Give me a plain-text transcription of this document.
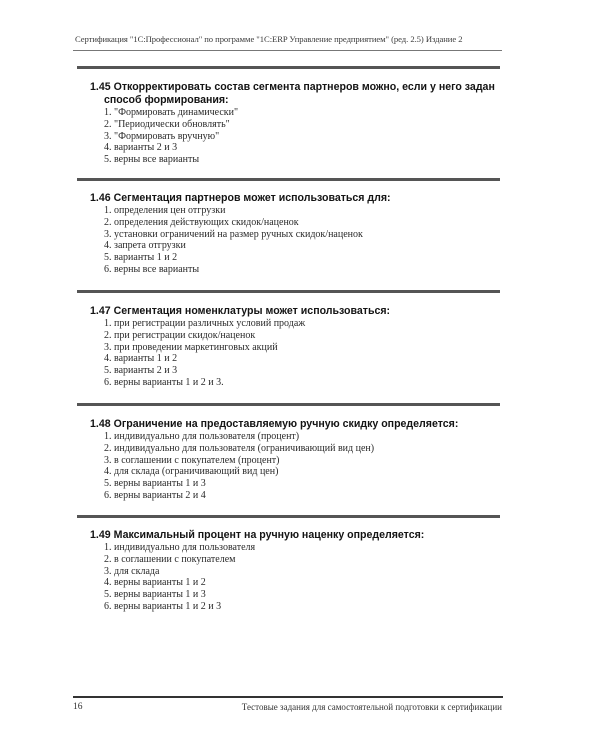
Сертификация "1С:Профессионал" по программе "1С:ERP Управление предприятием" (ред. 2.5) Издание 2
1.45 Откорректировать состав сегмента партнеров можно, если у него задан
способ формирования:
1. "Формировать динамически"
2. "Периодически обновлять"
3. "Формировать вручную"
4. варианты 2 и 3
5. верны все варианты
1.46 Сегментация партнеров может использоваться для:
1. определения цен отгрузки
2. определения действующих скидок/наценок
3. установки ограничений на размер ручных скидок/наценок
4. запрета отгрузки
5. варианты 1 и 2
6. верны все варианты
1.47 Сегментация номенклатуры может использоваться:
1. при регистрации различных условий продаж
2. при регистрации скидок/наценок
3. при проведении маркетинговых акций
4. варианты 1 и 2
5. варианты 2 и 3
6. верны варианты 1 и 2 и 3.
1.48 Ограничение на предоставляемую ручную скидку определяется:
1. индивидуально для пользователя (процент)
2. индивидуально для пользователя (ограничивающий вид цен)
3. в соглашении с покупателем (процент)
4. для склада (ограничивающий вид цен)
5. верны варианты 1 и 3
6. верны варианты 2 и 4
1.49 Максимальный процент на ручную наценку определяется:
1. индивидуально для пользователя
2. в соглашении с покупателем
3. для склада
4. верны варианты 1 и 2
5. верны варианты 1 и 3
6. верны варианты 1 и 2 и 3
16	Тестовые задания для самостоятельной подготовки к сертификации
